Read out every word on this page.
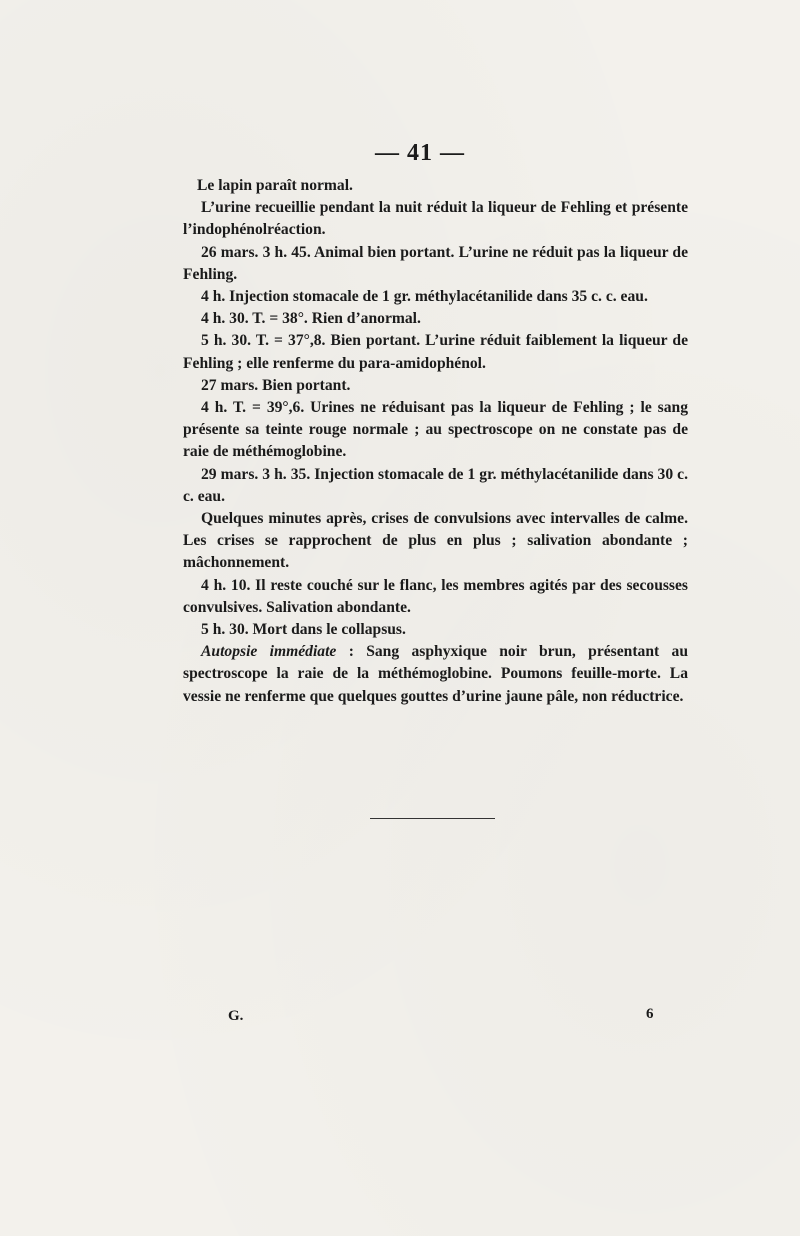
— 41 —

Le lapin paraît normal.

L’urine recueillie pendant la nuit réduit la liqueur de Fehling et présente l’indophénolréaction.

26 mars. 3 h. 45. Animal bien portant. L’urine ne réduit pas la liqueur de Fehling.

4 h. Injection stomacale de 1 gr. méthylacétanilide dans 35 c. c. eau.

4 h. 30. T. = 38°. Rien d’anormal.

5 h. 30. T. = 37°,8. Bien portant. L’urine réduit faiblement la liqueur de Fehling ; elle renferme du para-amidophénol.

27 mars. Bien portant.

4 h. T. = 39°,6. Urines ne réduisant pas la liqueur de Fehling ; le sang présente sa teinte rouge normale ; au spectroscope on ne constate pas de raie de méthémoglobine.

29 mars. 3 h. 35. Injection stomacale de 1 gr. méthylacétanilide dans 30 c. c. eau.

Quelques minutes après, crises de convulsions avec intervalles de calme. Les crises se rapprochent de plus en plus ; salivation abondante ; mâchonnement.

4 h. 10. Il reste couché sur le flanc, les membres agités par des secousses convulsives. Salivation abondante.

5 h. 30. Mort dans le collapsus.

Autopsie immédiate : Sang asphyxique noir brun, présentant au spectroscope la raie de la méthémoglobine. Poumons feuille-morte. La vessie ne renferme que quelques gouttes d’urine jaune pâle, non réductrice.

G.	6
